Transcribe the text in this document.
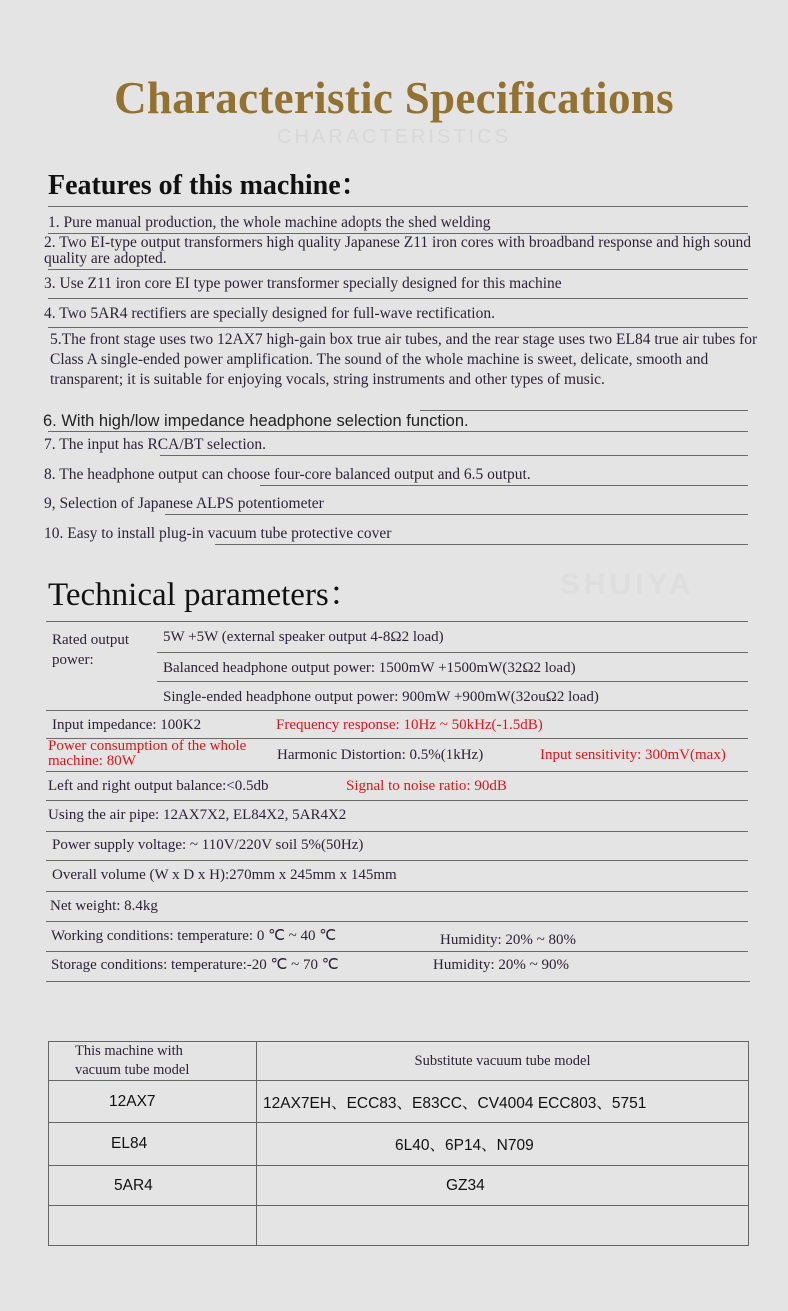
CHARACTERISTICS
Characteristic Specifications
Features of this machine：
1. Pure manual production, the whole machine adopts the shed welding
2. Two EI-type output transformers high quality Japanese Z11 iron cores with broadband response and high sound quality are adopted.
3. Use Z11 iron core EI type power transformer specially designed for this machine
4. Two 5AR4 rectifiers are specially designed for full-wave rectification.
5.The front stage uses two 12AX7 high-gain box true air tubes, and the rear stage uses two EL84 true air tubes for Class A single-ended power amplification. The sound of the whole machine is sweet, delicate, smooth and transparent; it is suitable for enjoying vocals, string instruments and other types of music.
6. With high/low impedance headphone selection function.
7. The input has RCA/BT selection.
8. The headphone output can choose four-core balanced output and 6.5 output.
9, Selection of Japanese ALPS potentiometer
10. Easy to install plug-in vacuum tube protective cover
SHUIYA
Technical parameters：
Rated output power:
5W +5W (external speaker output 4-8Ω2 load)
Balanced headphone output power: 1500mW +1500mW(32Ω2 load)
Single-ended headphone output power: 900mW +900mW(32ouΩ2 load)
Input impedance: 100K2	Frequency response: 10Hz ~ 50kHz(-1.5dB)
Power consumption of the whole machine: 80W	Harmonic Distortion: 0.5%(1kHz)	Input sensitivity: 300mV(max)
Left and right output balance:<0.5db	Signal to noise ratio: 90dB
Using the air pipe: 12AX7X2, EL84X2, 5AR4X2
Power supply voltage: ~ 110V/220V soil 5%(50Hz)
Overall volume (W x D x H):270mm x 245mm x 145mm
Net weight: 8.4kg
Working conditions: temperature: 0 ℃ ~ 40 ℃	Humidity: 20% ~ 80%
Storage conditions: temperature:-20 ℃ ~ 70 ℃	Humidity: 20% ~ 90%
This machine with vacuum tube model	Substitute vacuum tube model
12AX7	12AX7EH、ECC83、E83CC、CV4004 ECC803、5751
EL84	6L40、6P14、N709
5AR4	GZ34
